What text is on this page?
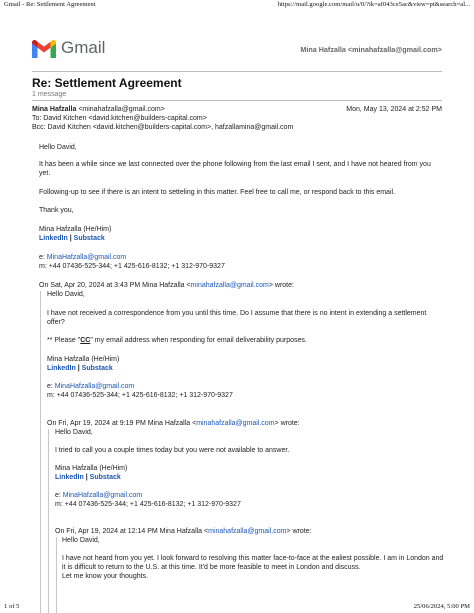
Gmail - Re: Settlement Agreement	https://mail.google.com/mail/u/0/?ik=af043ce5ac&view=pt&search=al...
Gmail	Mina Hafzalla <minahafzalla@gmail.com>
Re: Settlement Agreement
1 message
Mina Hafzalla <minahafzalla@gmail.com>	Mon, May 13, 2024 at 2:52 PM
To: David Kitchen <david.kitchen@builders-capital.com>
Bcc: David Kitchen <david.kitchen@builders-capital.com>, hafzallamina@gmail.com
Hello David,
It has been a while since we last connected over the phone following from the last email I sent, and I have not heared from you yet.
Following-up to see if there is an intent to setteling in this matter. Feel free to call me, or respond back to this email.
Thank you,
Mina Hafzalla (He/Him)
LinkedIn | Substack
e: MinaHafzalla@gmail.com
m: +44 07436-525-344; +1 425-616-8132; +1 312-970-9327
On Sat, Apr 20, 2024 at 3:43 PM Mina Hafzalla <minahafzalla@gmail.com> wrote:
Hello David,
I have not received a correspondence from you until this time. Do I assume that there is no intent in extending a settlement offer?
** Please "CC" my email address when responding for email deliverability purposes.
Mina Hafzalla (He/Him)
LinkedIn | Substack
e: MinaHafzalla@gmail.com
m: +44 07436-525-344; +1 425-616-8132; +1 312-970-9327
On Fri, Apr 19, 2024 at 9:19 PM Mina Hafzalla <minahafzalla@gmail.com> wrote:
Hello David,
I tried to call you a couple times today but you were not available to answer.
Mina Hafzalla (He/Him)
LinkedIn | Substack
e: MinaHafzalla@gmail.com
m: +44 07436-525-344; +1 425-616-8132; +1 312-970-9327
On Fri, Apr 19, 2024 at 12:14 PM Mina Hafzalla <minahafzalla@gmail.com> wrote:
Hello David,
I have not heard from you yet. I look forward to resolving this matter face-to-face at the ealiest possible. I am in London and it is difficult to return to the U.S. at this time. It'd be more feasible to meet in London and discuss.
Let me know your thoughts.
1 of 5	25/06/2024, 5:00 PM
